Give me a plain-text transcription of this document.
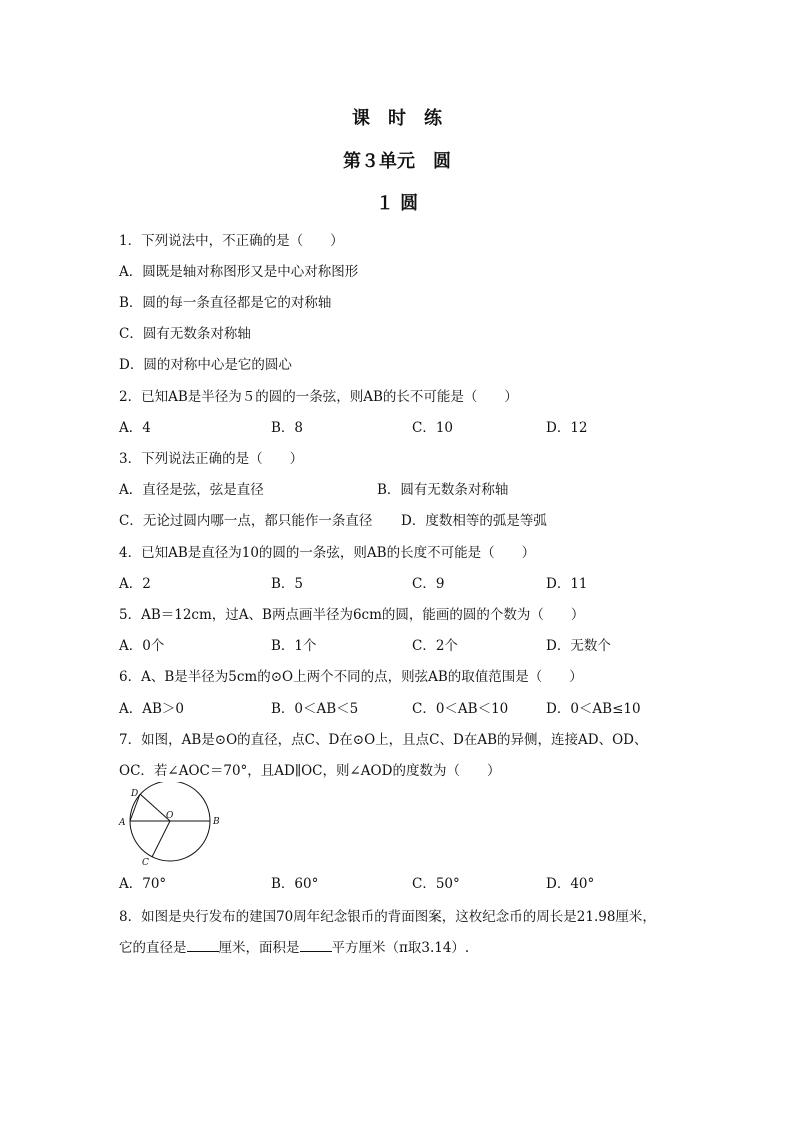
课　时　练
第３单元　圆
１ 圆

1．下列说法中，不正确的是（　　）

A．圆既是轴对称图形又是中心对称图形

B．圆的每一条直径都是它的对称轴

C．圆有无数条对称轴

D．圆的对称中心是它的圆心

2．已知AB是半径为５的圆的一条弦，则AB的长不可能是（　　）

A．4	B．8	C．10	D．12

3．下列说法正确的是（　　）

A．直径是弦，弦是直径	B．圆有无数条对称轴

C．无论过圆内哪一点，都只能作一条直径 D．度数相等的弧是等弧

4．已知AB是直径为10的圆的一条弦，则AB的长度不可能是（　　）

A．2	B．5	C．9	D．11

5．AB＝12cm，过A、B两点画半径为6cm的圆，能画的圆的个数为（　　）

A．0个	B．1个	C．2个	D．无数个

6．A、B是半径为5cm的⊙O上两个不同的点，则弦AB的取值范围是（　　）

A．AB＞0	B．0＜AB＜5	C．0＜AB＜10	D．0＜AB≤10

7．如图，AB是⊙O的直径，点C、D在⊙O上，且点C、D在AB的异侧，连接AD、OD、

OC．若∠AOC＝70°，且AD∥OC，则∠AOD的度数为（　　）

D
A
O
B
C

A．70°	B．60°	C．50°	D．40°

8．如图是央行发布的建国70周年纪念银币的背面图案，这枚纪念币的周长是21.98厘米，

它的直径是 厘米，面积是 平方厘米（π取3.14）.
